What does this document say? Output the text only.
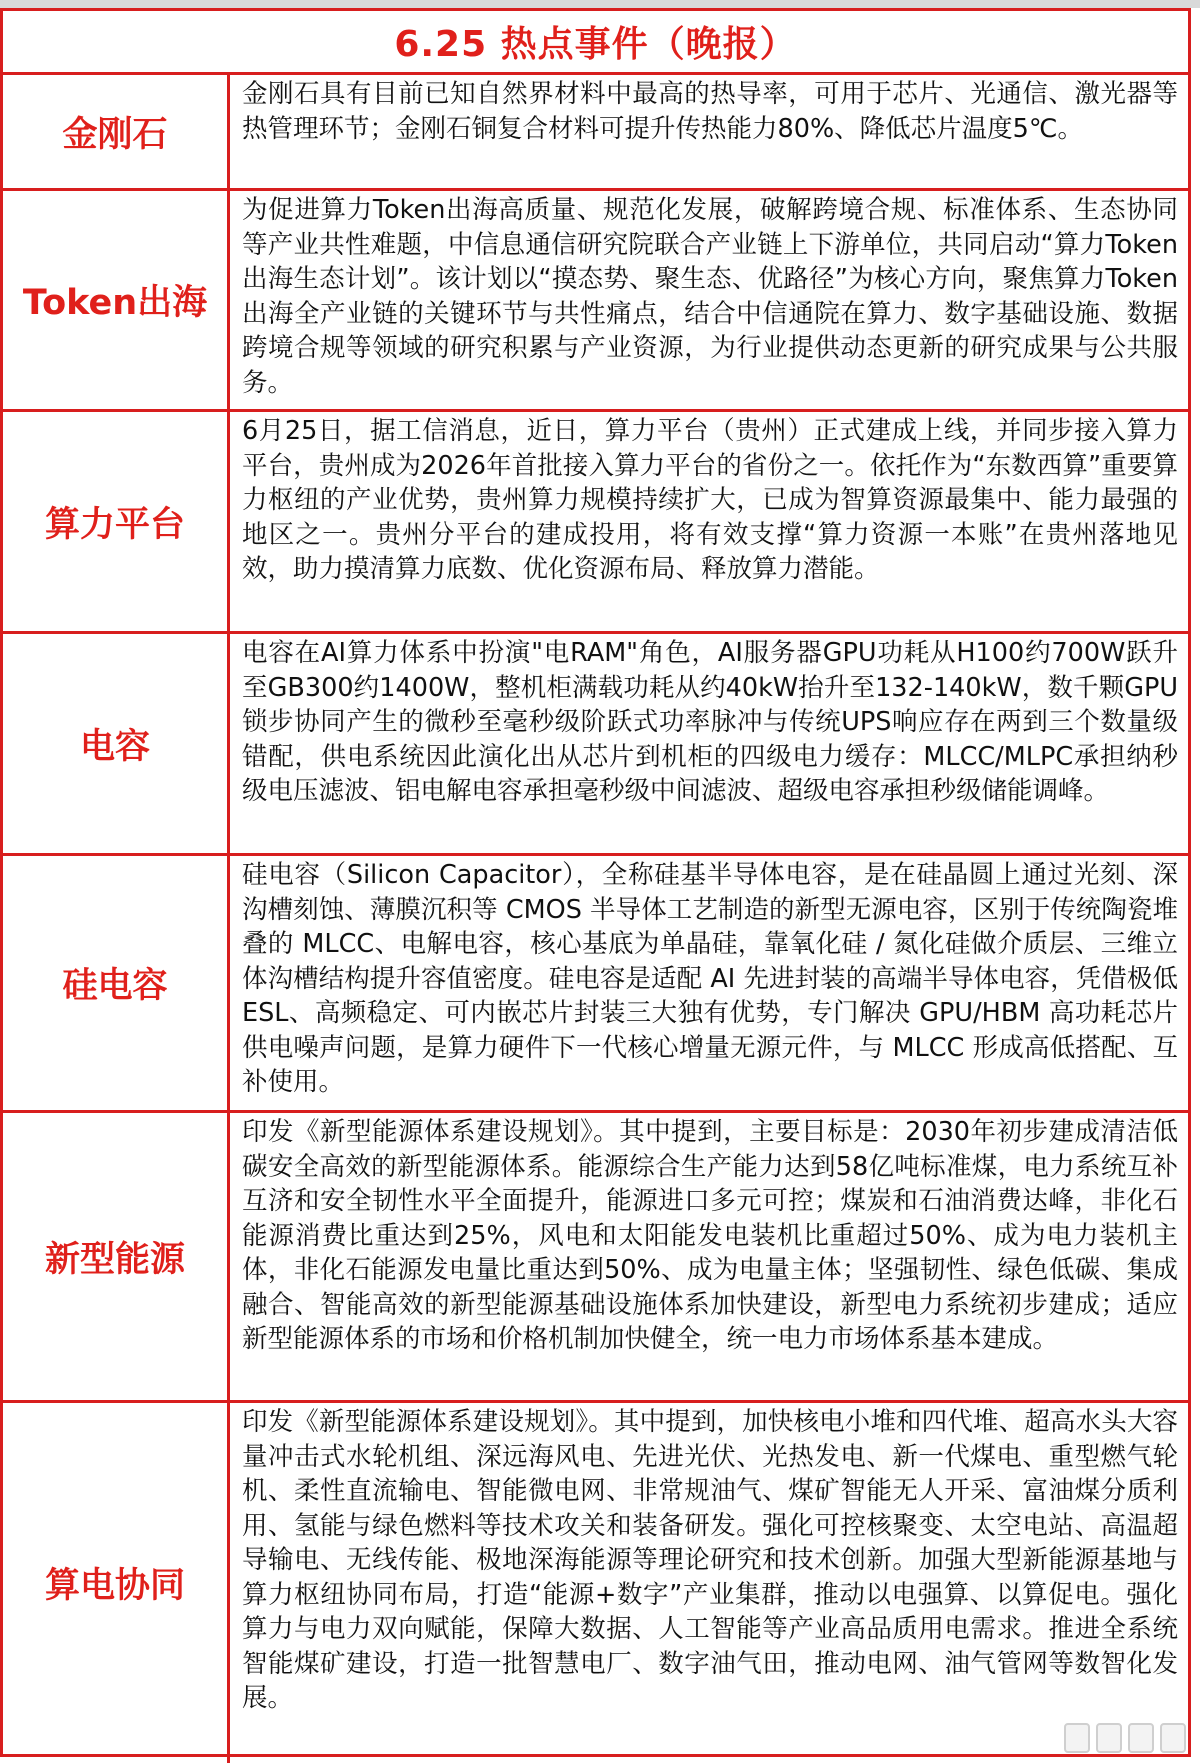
6.25 热点事件（晚报）
金刚石
金刚石具有目前已知自然界材料中最高的热导率，可用于芯片、光通信、激光器等热管理环节；金刚石铜复合材料可提升传热能力80%、降低芯片温度5℃。
Token出海
为促进算力Token出海高质量、规范化发展，破解跨境合规、标准体系、生态协同等产业共性难题，中信息通信研究院联合产业链上下游单位，共同启动“算力Token出海生态计划”。该计划以“摸态势、聚生态、优路径”为核心方向，聚焦算力Token出海全产业链的关键环节与共性痛点，结合中信通院在算力、数字基础设施、数据跨境合规等领域的研究积累与产业资源，为行业提供动态更新的研究成果与公共服务。
算力平台
6月25日，据工信消息，近日，算力平台（贵州）正式建成上线，并同步接入算力平台，贵州成为2026年首批接入算力平台的省份之一。依托作为“东数西算”重要算力枢纽的产业优势，贵州算力规模持续扩大，已成为智算资源最集中、能力最强的地区之一。贵州分平台的建成投用，将有效支撑“算力资源一本账”在贵州落地见效，助力摸清算力底数、优化资源布局、释放算力潜能。
电容
电容在AI算力体系中扮演"电RAM"角色，AI服务器GPU功耗从H100约700W跃升至GB300约1400W，整机柜满载功耗从约40kW抬升至132-140kW，数千颗GPU锁步协同产生的微秒至毫秒级阶跃式功率脉冲与传统UPS响应存在两到三个数量级错配，供电系统因此演化出从芯片到机柜的四级电力缓存：MLCC/MLPC承担纳秒级电压滤波、铝电解电容承担毫秒级中间滤波、超级电容承担秒级储能调峰。
硅电容
硅电容（Silicon Capacitor），全称硅基半导体电容，是在硅晶圆上通过光刻、深沟槽刻蚀、薄膜沉积等 CMOS 半导体工艺制造的新型无源电容，区别于传统陶瓷堆叠的 MLCC、电解电容，核心基底为单晶硅，靠氧化硅 / 氮化硅做介质层、三维立体沟槽结构提升容值密度。硅电容是适配 AI 先进封装的高端半导体电容，凭借极低 ESL、高频稳定、可内嵌芯片封装三大独有优势，专门解决 GPU/HBM 高功耗芯片供电噪声问题，是算力硬件下一代核心增量无源元件，与 MLCC 形成高低搭配、互补使用。
新型能源
印发《新型能源体系建设规划》。其中提到，主要目标是：2030年初步建成清洁低碳安全高效的新型能源体系。能源综合生产能力达到58亿吨标准煤，电力系统互补互济和安全韧性水平全面提升，能源进口多元可控；煤炭和石油消费达峰，非化石能源消费比重达到25%，风电和太阳能发电装机比重超过50%、成为电力装机主体，非化石能源发电量比重达到50%、成为电量主体；坚强韧性、绿色低碳、集成融合、智能高效的新型能源基础设施体系加快建设，新型电力系统初步建成；适应新型能源体系的市场和价格机制加快健全，统一电力市场体系基本建成。
算电协同
印发《新型能源体系建设规划》。其中提到，加快核电小堆和四代堆、超高水头大容量冲击式水轮机组、深远海风电、先进光伏、光热发电、新一代煤电、重型燃气轮机、柔性直流输电、智能微电网、非常规油气、煤矿智能无人开采、富油煤分质利用、氢能与绿色燃料等技术攻关和装备研发。强化可控核聚变、太空电站、高温超导输电、无线传能、极地深海能源等理论研究和技术创新。加强大型新能源基地与算力枢纽协同布局，打造“能源+数字”产业集群，推动以电强算、以算促电。强化算力与电力双向赋能，保障大数据、人工智能等产业高品质用电需求。推进全系统智能煤矿建设，打造一批智慧电厂、数字油气田，推动电网、油气管网等数智化发展。
